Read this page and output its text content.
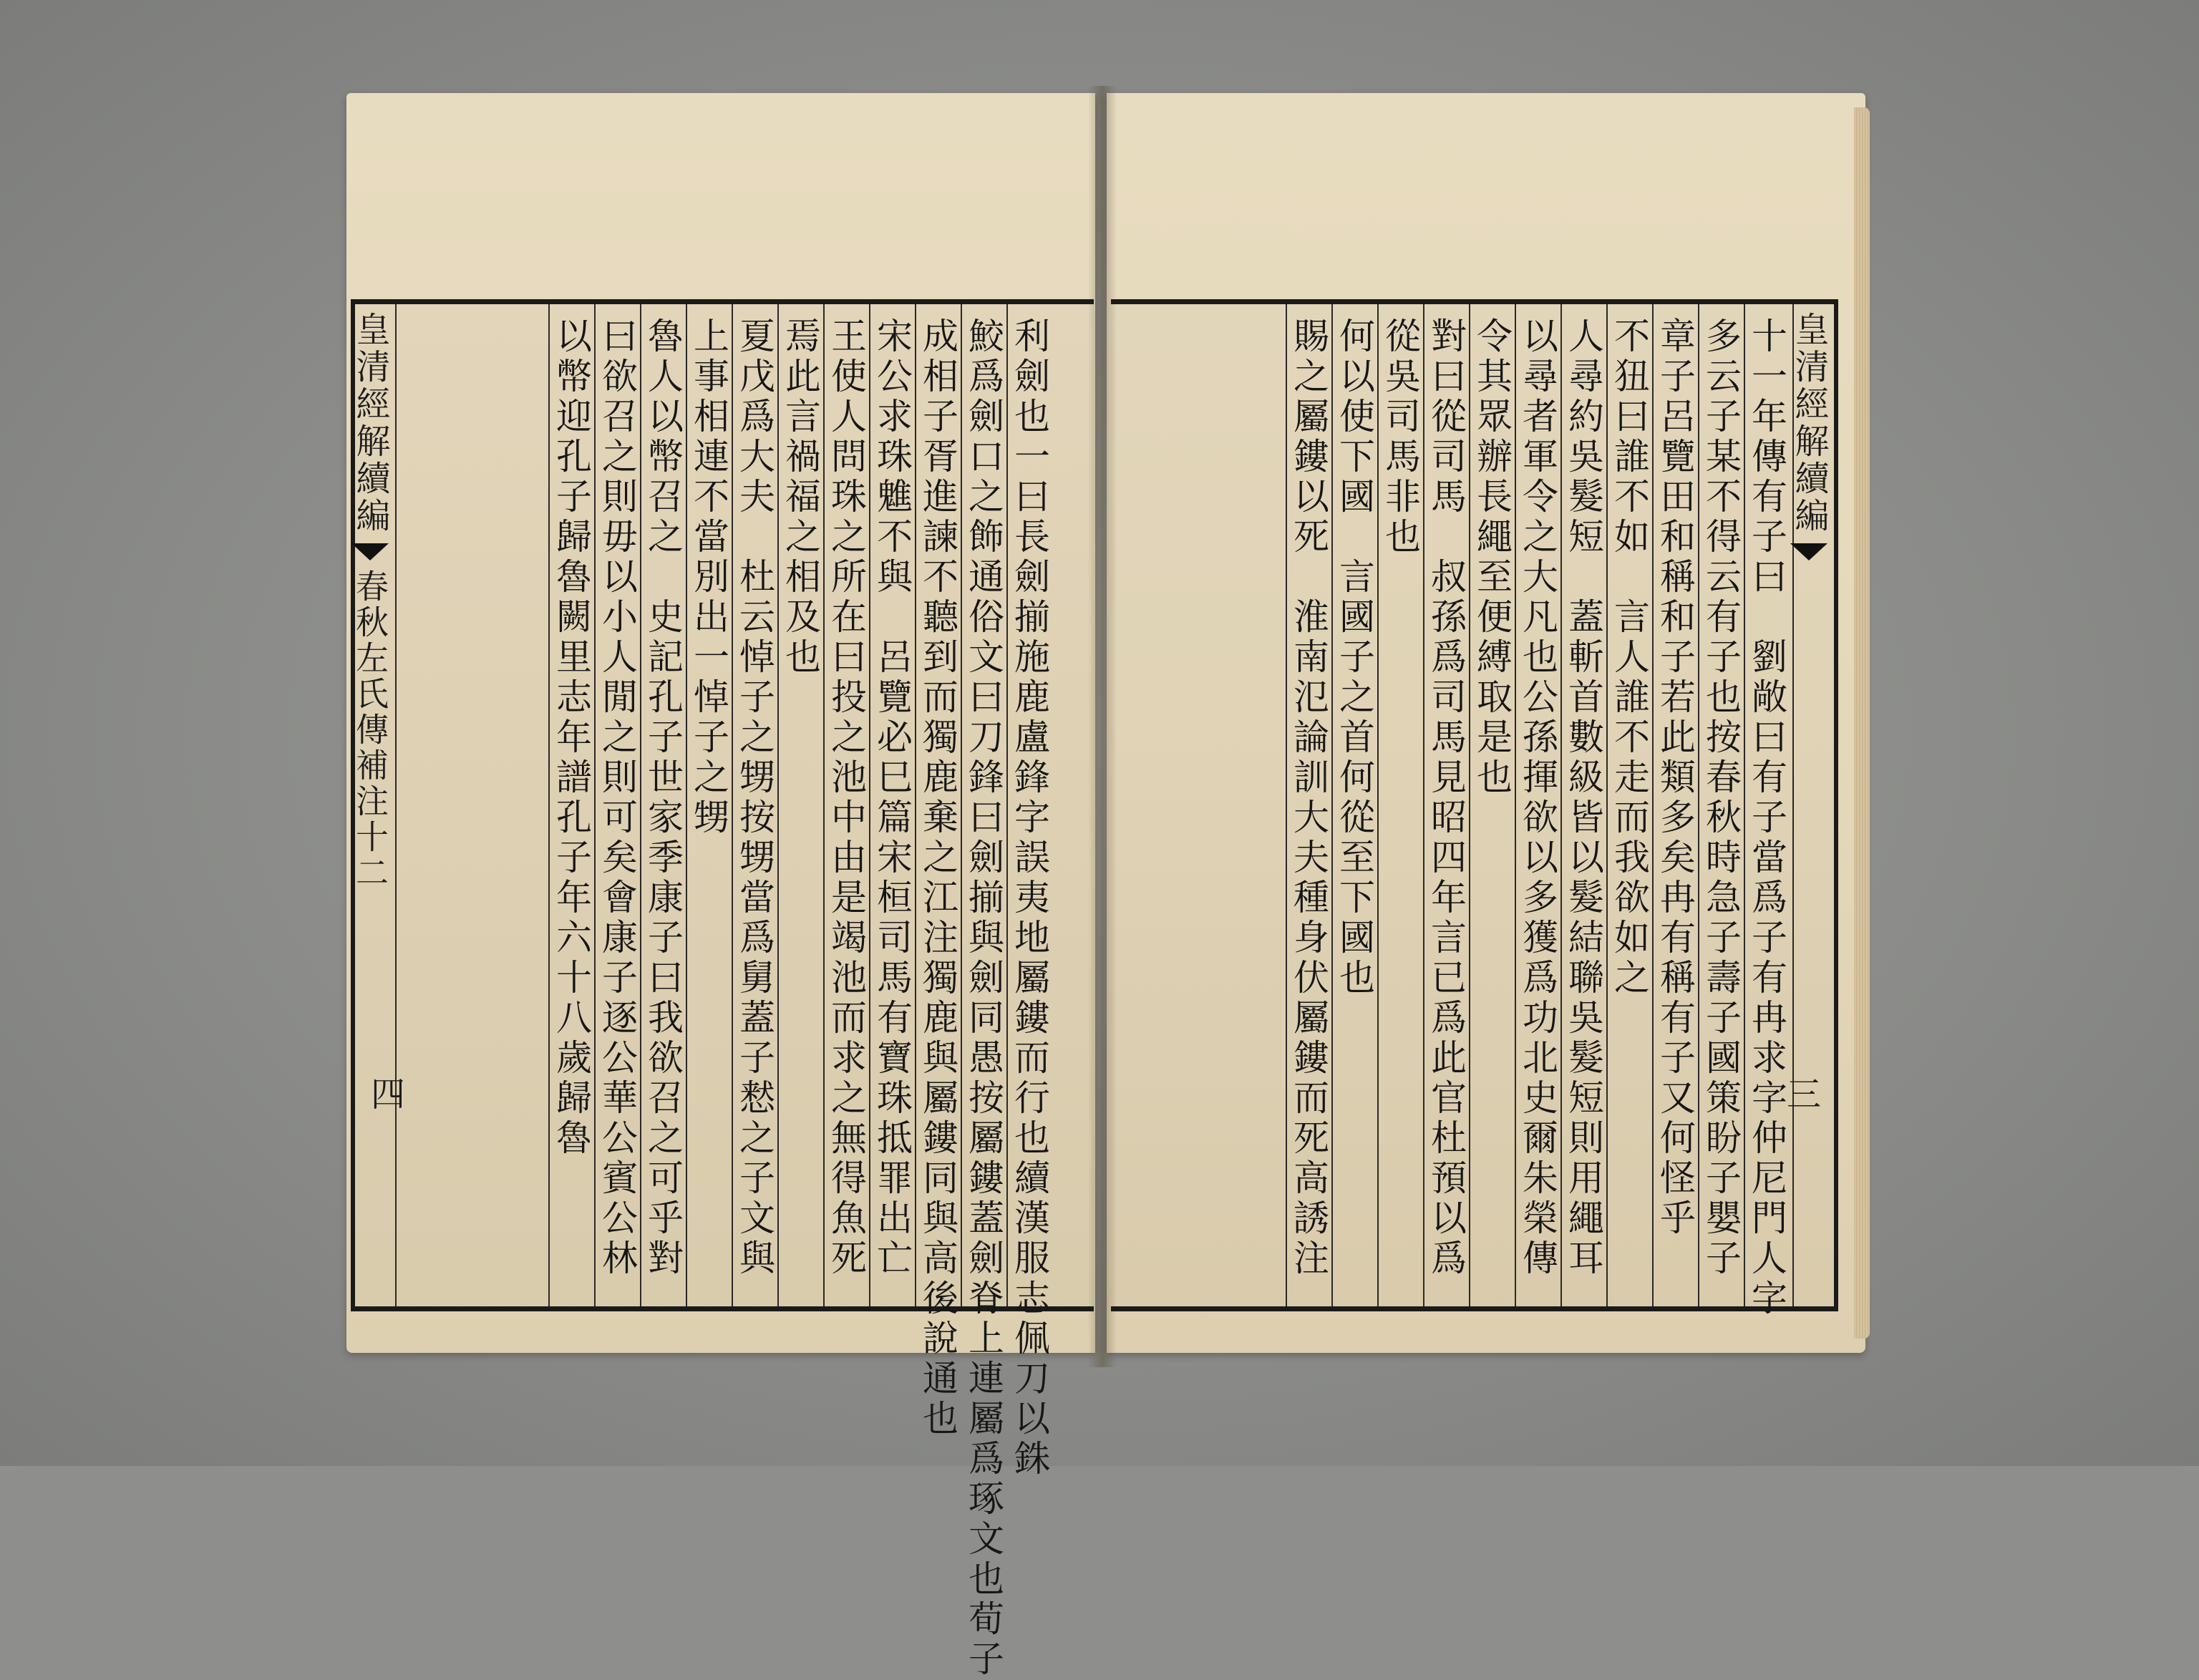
利劍也一曰長劍揃施鹿盧鋒字誤夷地屬鏤而行也續漢服志佩刀以銖
鮫爲劍口之飾通俗文曰刀鋒曰劍揃與劍同愚按屬鏤蓋劍脊上連屬爲琢文也荀子
成相子胥進諫不聽到而獨鹿棄之江注獨鹿與屬鏤同與高後說通也
宋公求珠魋不與　呂覽必巳篇宋桓司馬有寶珠抵罪出亡
王使人問珠之所在曰投之池中由是竭池而求之無得魚死
焉此言禍福之相及也
夏戊爲大夫　杜云悼子之甥按甥當爲舅蓋子慭之子文與
上事相連不當別出一悼子之甥
魯人以幣召之　史記孔子世家季康子曰我欲召之可乎對
曰欲召之則毋以小人閒之則可矣會康子逐公華公賓公林
以幣迎孔子歸魯闕里志年譜孔子年六十八歲歸魯
皇清經解續編春秋左氏傳補注十二
四
皇清經解續編
十一年傳有子曰　劉敞曰有子當爲子有冉求字仲尼門人字
多云子某不得云有子也按春秋時急子壽子國策盼子嬰子
章子呂覽田和稱和子若此類多矣冉有稱有子又何怪乎
不狃曰誰不如　言人誰不走而我欲如之
人尋約吳髮短　蓋斬首數級皆以髮結聯吳髮短則用繩耳
以尋者軍令之大凡也公孫揮欲以多獲爲功北史爾朱榮傳
令其眾辦長繩至便縛取是也
對曰從司馬　叔孫爲司馬見昭四年言已爲此官杜預以爲
從吳司馬非也
何以使下國　言國子之首何從至下國也
賜之屬鏤以死　淮南氾論訓大夫種身伏屬鏤而死高誘注	三
